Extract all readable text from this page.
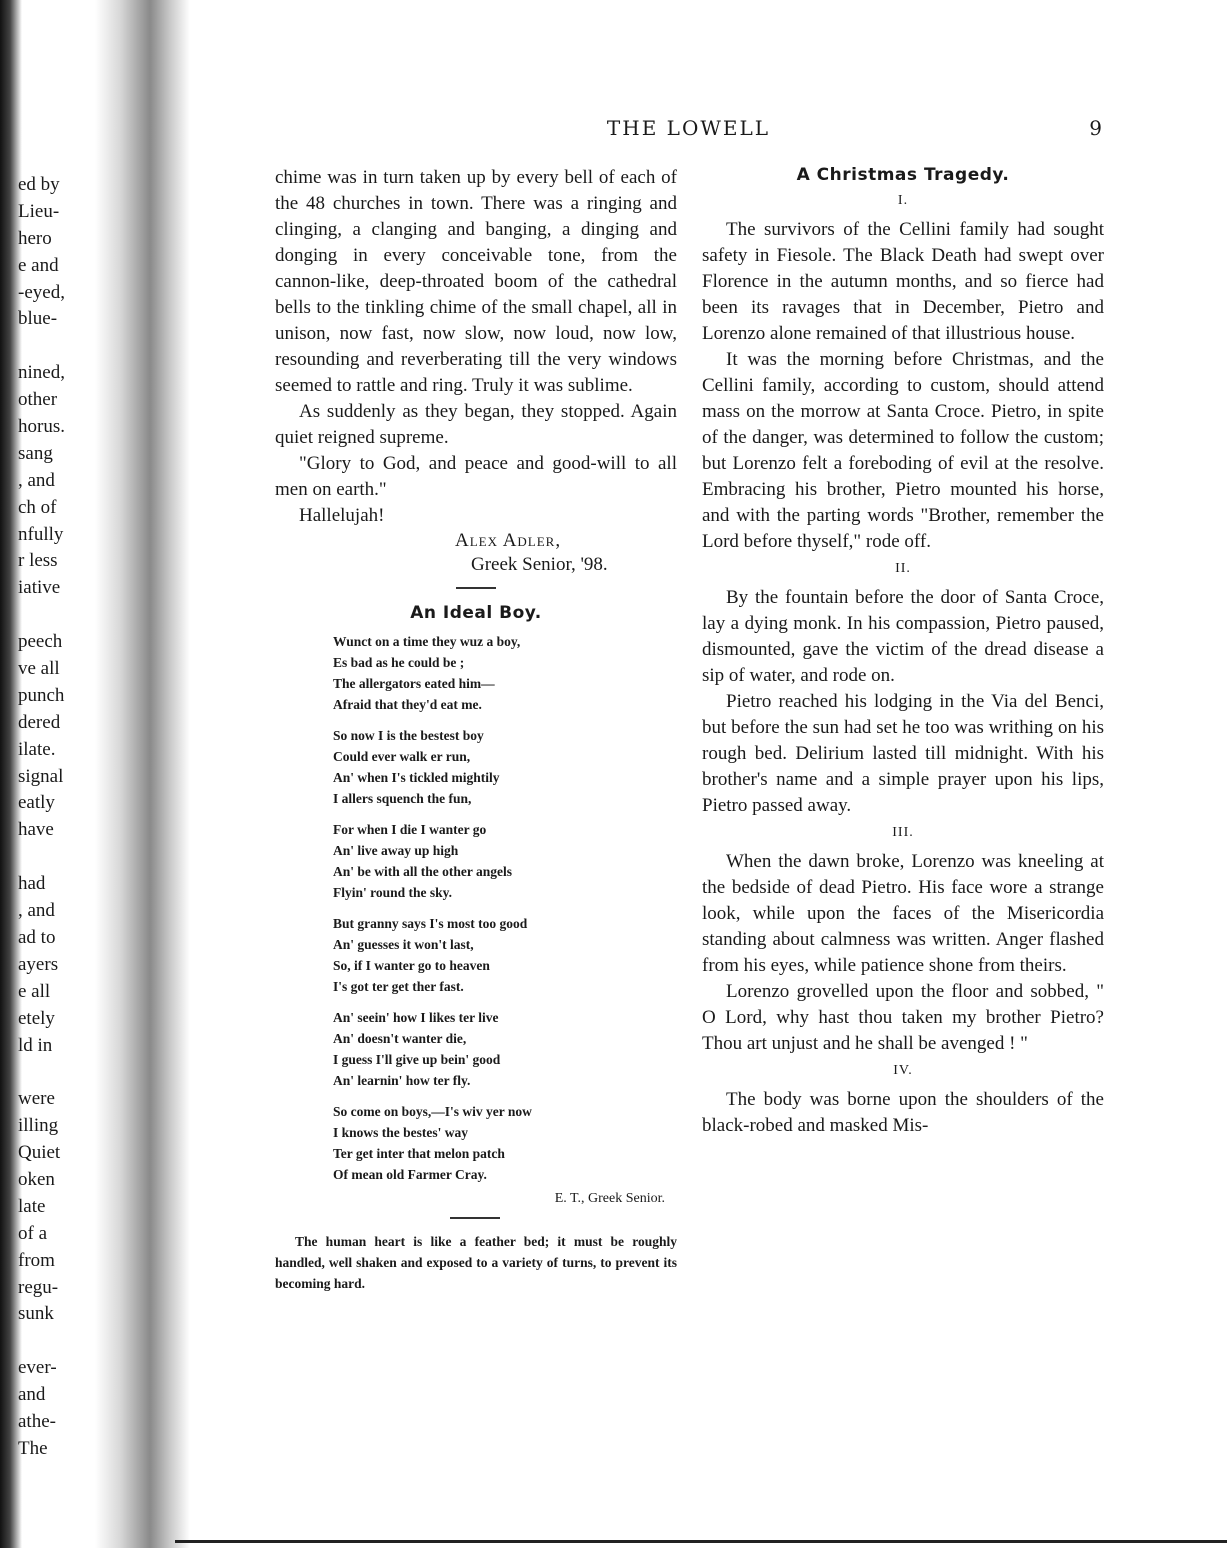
ed by
Lieu-
hero
e and
-eyed,
blue-
nined,
other
horus.
sang
, and
ch of
nfully
r less
iative
peech
ve all
punch
dered
ilate.
signal
eatly
have
had
, and
ad to
ayers
e all
etely
ld in
were
illing
Quiet
oken
late
of a
from
regu-
sunk
ever-
and
athe-
The
THE LOWELL	9

chime was in turn taken up by every bell of each of the 48 churches in town. There was a ringing and clinging, a clanging and banging, a dinging and donging in every conceivable tone, from the cannon-like, deep-throated boom of the cathedral bells to the tinkling chime of the small chapel, all in unison, now fast, now slow, now loud, now low, resounding and reverberating till the very windows seemed to rattle and ring. Truly it was sublime.

As suddenly as they began, they stopped. Again quiet reigned supreme.

"Glory to God, and peace and good-will to all men on earth."

Hallelujah!

Alex Adler,
Greek Senior, '98.
An Ideal Boy.
Wunct on a time they wuz a boy,
Es bad as he could be ;
The allergators eated him—
Afraid that they'd eat me.
So now I is the bestest boy
Could ever walk er run,
An' when I's tickled mightily
I allers squench the fun,
For when I die I wanter go
An' live away up high
An' be with all the other angels
Flyin' round the sky.
But granny says I's most too good
An' guesses it won't last,
So, if I wanter go to heaven
I's got ter get ther fast.
An' seein' how I likes ter live
An' doesn't wanter die,
I guess I'll give up bein' good
An' learnin' how ter fly.
So come on boys,—I's wiv yer now
I knows the bestes' way
Ter get inter that melon patch
Of mean old Farmer Cray.
E. T., Greek Senior.
The human heart is like a feather bed; it must be roughly handled, well shaken and exposed to a variety of turns, to prevent its becoming hard.
A Christmas Tragedy.
I.

The survivors of the Cellini family had sought safety in Fiesole. The Black Death had swept over Florence in the autumn months, and so fierce had been its ravages that in December, Pietro and Lorenzo alone remained of that illustrious house.

It was the morning before Christmas, and the Cellini family, according to custom, should attend mass on the morrow at Santa Croce. Pietro, in spite of the danger, was determined to follow the custom; but Lorenzo felt a foreboding of evil at the resolve. Embracing his brother, Pietro mounted his horse, and with the parting words "Brother, remember the Lord before thyself," rode off.

II.

By the fountain before the door of Santa Croce, lay a dying monk. In his compassion, Pietro paused, dismounted, gave the victim of the dread disease a sip of water, and rode on.

Pietro reached his lodging in the Via del Benci, but before the sun had set he too was writhing on his rough bed. Delirium lasted till midnight. With his brother's name and a simple prayer upon his lips, Pietro passed away.

III.

When the dawn broke, Lorenzo was kneeling at the bedside of dead Pietro. His face wore a strange look, while upon the faces of the Misericordia standing about calmness was written. Anger flashed from his eyes, while patience shone from theirs.

Lorenzo grovelled upon the floor and sobbed, " O Lord, why hast thou taken my brother Pietro? Thou art unjust and he shall be avenged ! "

IV.

The body was borne upon the shoulders of the black-robed and masked Mis-
